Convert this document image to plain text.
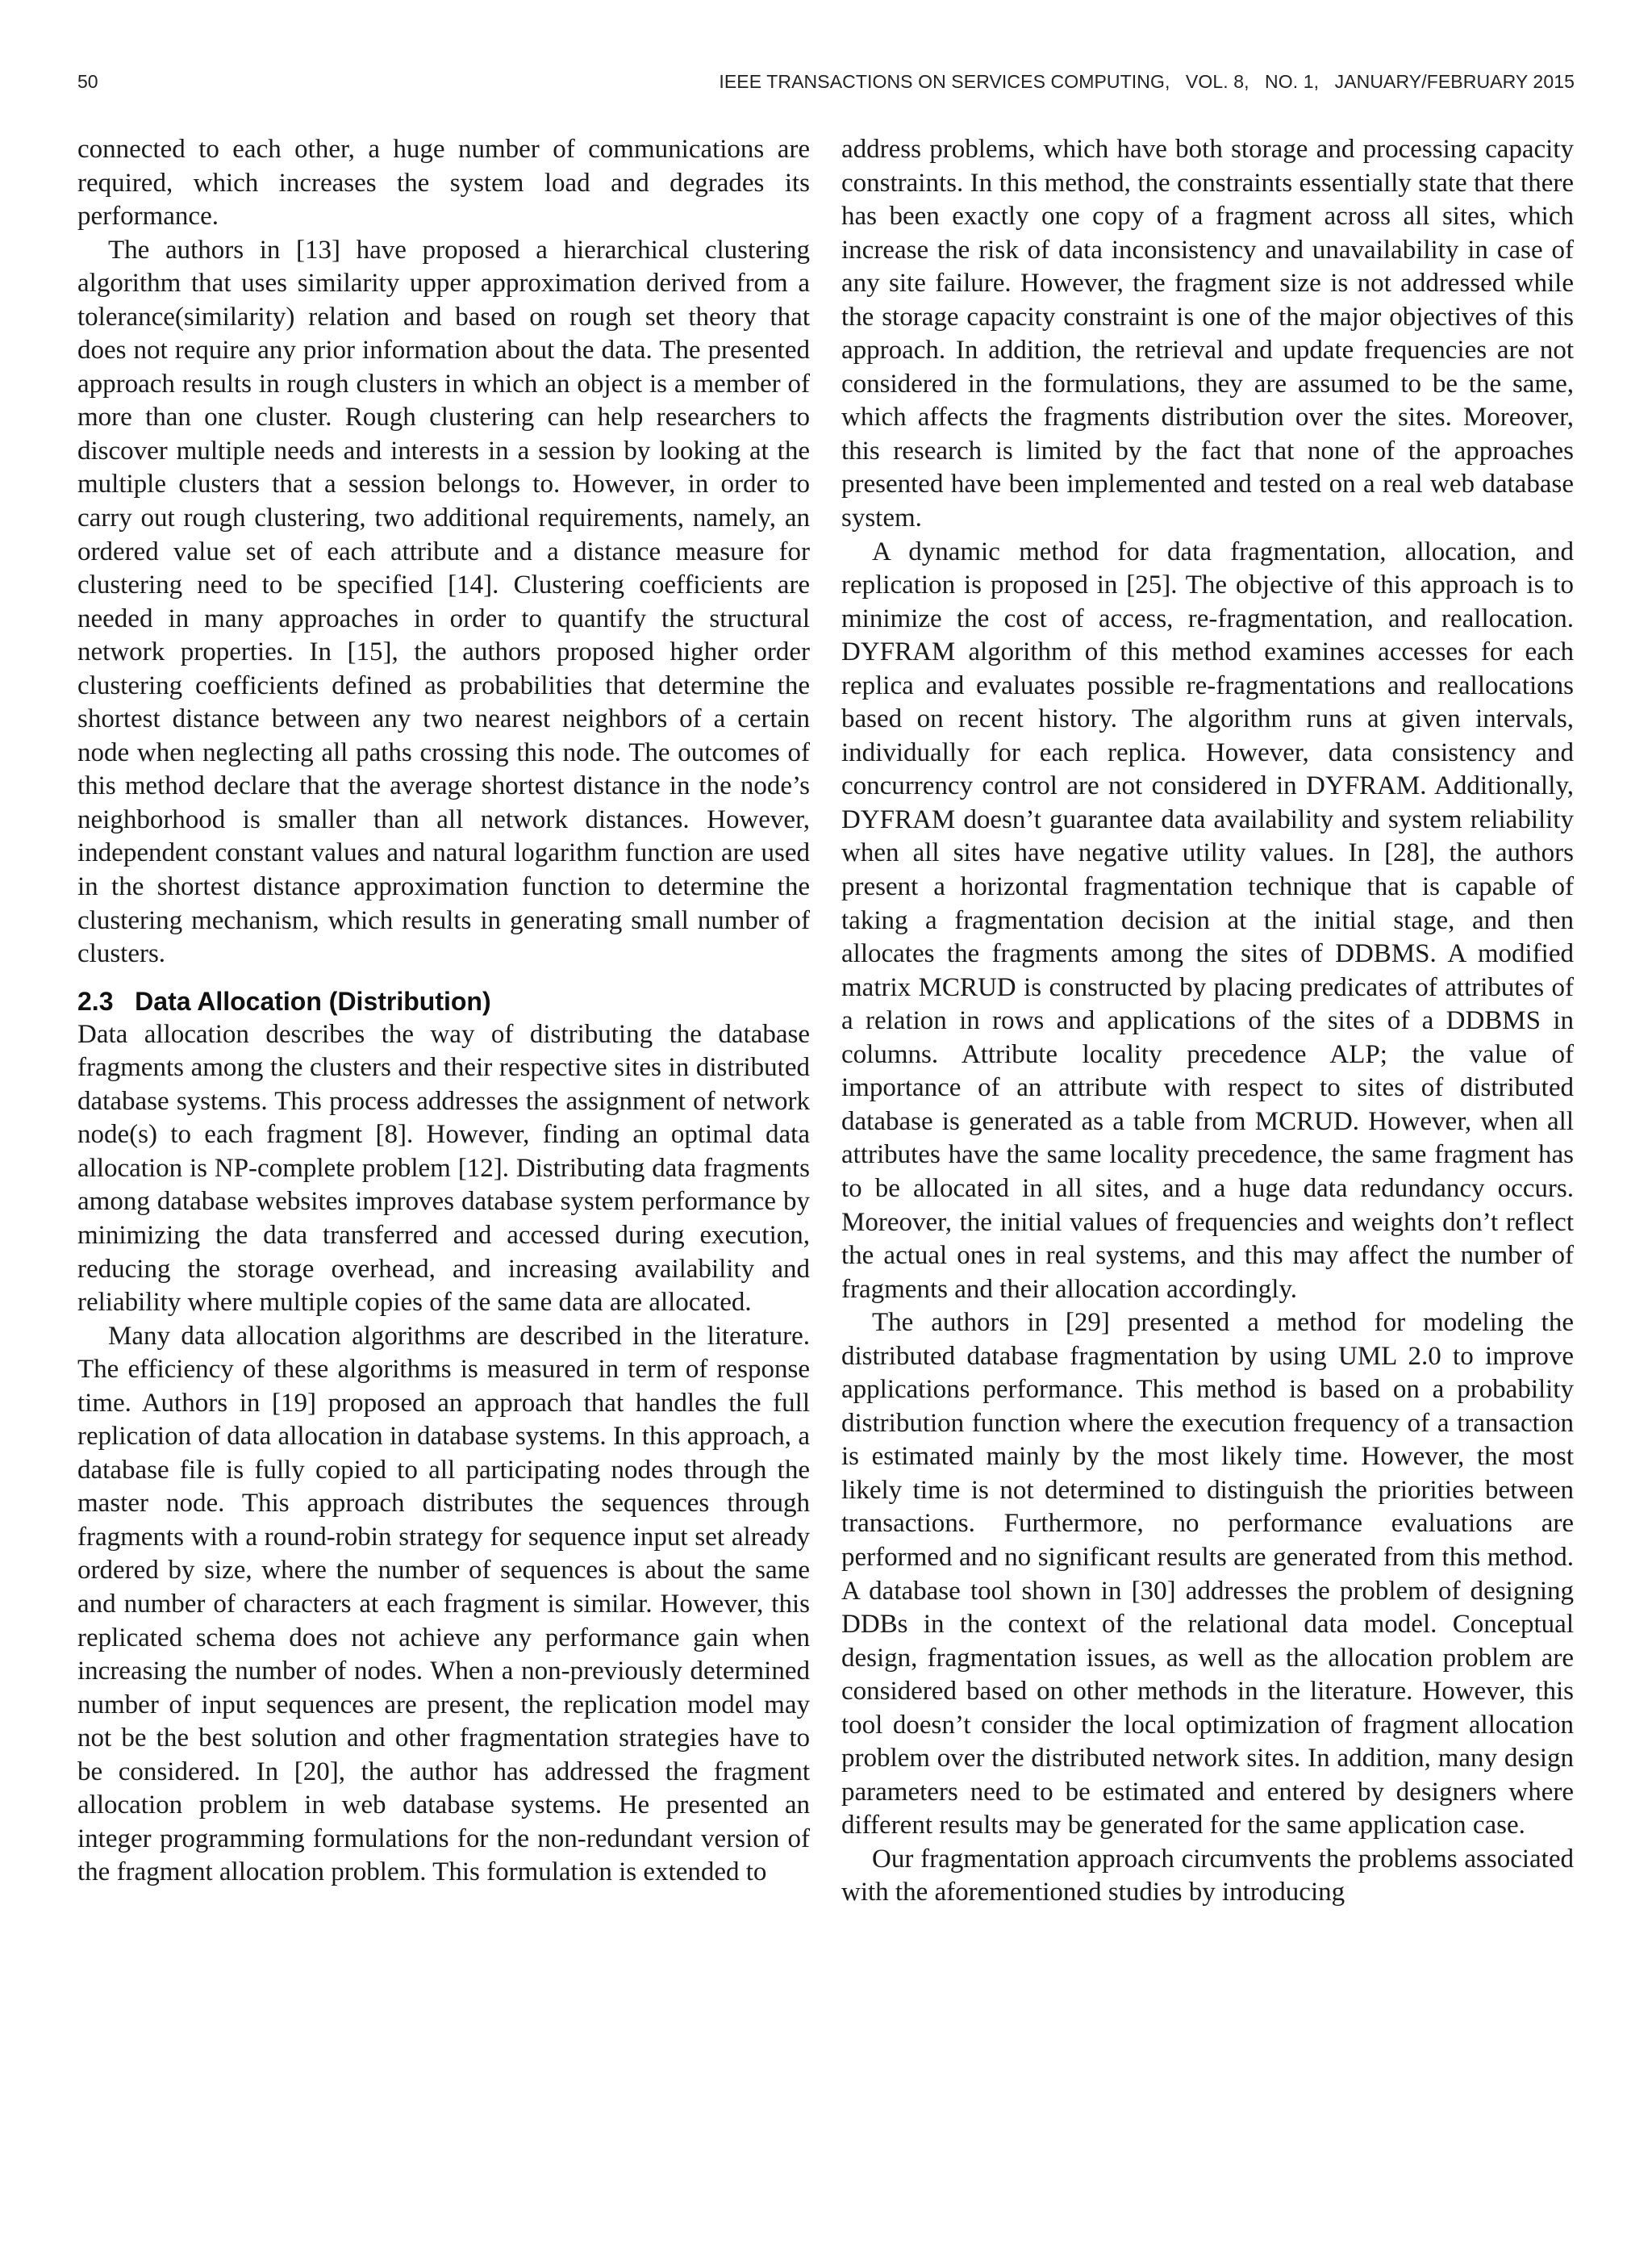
50	IEEE TRANSACTIONS ON SERVICES COMPUTING,   VOL. 8,   NO. 1,   JANUARY/FEBRUARY 2015

connected to each other, a huge number of communications are required, which increases the system load and degrades its performance.

The authors in [13] have proposed a hierarchical clustering algorithm that uses similarity upper approximation derived from a tolerance(similarity) relation and based on rough set theory that does not require any prior information about the data. The presented approach results in rough clusters in which an object is a member of more than one cluster. Rough clustering can help researchers to discover multiple needs and interests in a session by looking at the multiple clusters that a session belongs to. However, in order to carry out rough clustering, two additional requirements, namely, an ordered value set of each attribute and a distance measure for clustering need to be specified [14]. Clustering coefficients are needed in many approaches in order to quantify the structural network properties. In [15], the authors proposed higher order clustering coefficients defined as probabilities that determine the shortest distance between any two nearest neighbors of a certain node when neglecting all paths crossing this node. The outcomes of this method declare that the average shortest distance in the node’s neighborhood is smaller than all network distances. However, independent constant values and natural logarithm function are used in the shortest distance approximation function to determine the clustering mechanism, which results in generating small number of clusters.

2.3 Data Allocation (Distribution)

Data allocation describes the way of distributing the database fragments among the clusters and their respective sites in distributed database systems. This process addresses the assignment of network node(s) to each fragment [8]. However, finding an optimal data allocation is NP-complete problem [12]. Distributing data fragments among database websites improves database system performance by minimizing the data transferred and accessed during execution, reducing the storage overhead, and increasing availability and reliability where multiple copies of the same data are allocated.

Many data allocation algorithms are described in the literature. The efficiency of these algorithms is measured in term of response time. Authors in [19] proposed an approach that handles the full replication of data allocation in database systems. In this approach, a database file is fully copied to all participating nodes through the master node. This approach distributes the sequences through fragments with a round-robin strategy for sequence input set already ordered by size, where the number of sequences is about the same and number of characters at each fragment is similar. However, this replicated schema does not achieve any performance gain when increasing the number of nodes. When a non-previously determined number of input sequences are present, the replication model may not be the best solution and other fragmentation strategies have to be considered. In [20], the author has addressed the fragment allocation problem in web database systems. He presented an integer programming formulations for the non-redundant version of the fragment allocation problem. This formulation is extended to

address problems, which have both storage and processing capacity constraints. In this method, the constraints essentially state that there has been exactly one copy of a fragment across all sites, which increase the risk of data inconsistency and unavailability in case of any site failure. However, the fragment size is not addressed while the storage capacity constraint is one of the major objectives of this approach. In addition, the retrieval and update frequencies are not considered in the formulations, they are assumed to be the same, which affects the fragments distribution over the sites. Moreover, this research is limited by the fact that none of the approaches presented have been implemented and tested on a real web database system.

A dynamic method for data fragmentation, allocation, and replication is proposed in [25]. The objective of this approach is to minimize the cost of access, re-fragmentation, and reallocation. DYFRAM algorithm of this method examines accesses for each replica and evaluates possible re-fragmentations and reallocations based on recent history. The algorithm runs at given intervals, individually for each replica. However, data consistency and concurrency control are not considered in DYFRAM. Additionally, DYFRAM doesn’t guarantee data availability and system reliability when all sites have negative utility values. In [28], the authors present a horizontal fragmentation technique that is capable of taking a fragmentation decision at the initial stage, and then allocates the fragments among the sites of DDBMS. A modified matrix MCRUD is constructed by placing predicates of attributes of a relation in rows and applications of the sites of a DDBMS in columns. Attribute locality precedence ALP; the value of importance of an attribute with respect to sites of distributed database is generated as a table from MCRUD. However, when all attributes have the same locality precedence, the same fragment has to be allocated in all sites, and a huge data redundancy occurs. Moreover, the initial values of frequencies and weights don’t reflect the actual ones in real systems, and this may affect the number of fragments and their allocation accordingly.

The authors in [29] presented a method for modeling the distributed database fragmentation by using UML 2.0 to improve applications performance. This method is based on a probability distribution function where the execution frequency of a transaction is estimated mainly by the most likely time. However, the most likely time is not determined to distinguish the priorities between transactions. Furthermore, no performance evaluations are performed and no significant results are generated from this method. A database tool shown in [30] addresses the problem of designing DDBs in the context of the relational data model. Conceptual design, fragmentation issues, as well as the allocation problem are considered based on other methods in the literature. However, this tool doesn’t consider the local optimization of fragment allocation problem over the distributed network sites. In addition, many design parameters need to be estimated and entered by designers where different results may be generated for the same application case.

Our fragmentation approach circumvents the problems associated with the aforementioned studies by introducing
